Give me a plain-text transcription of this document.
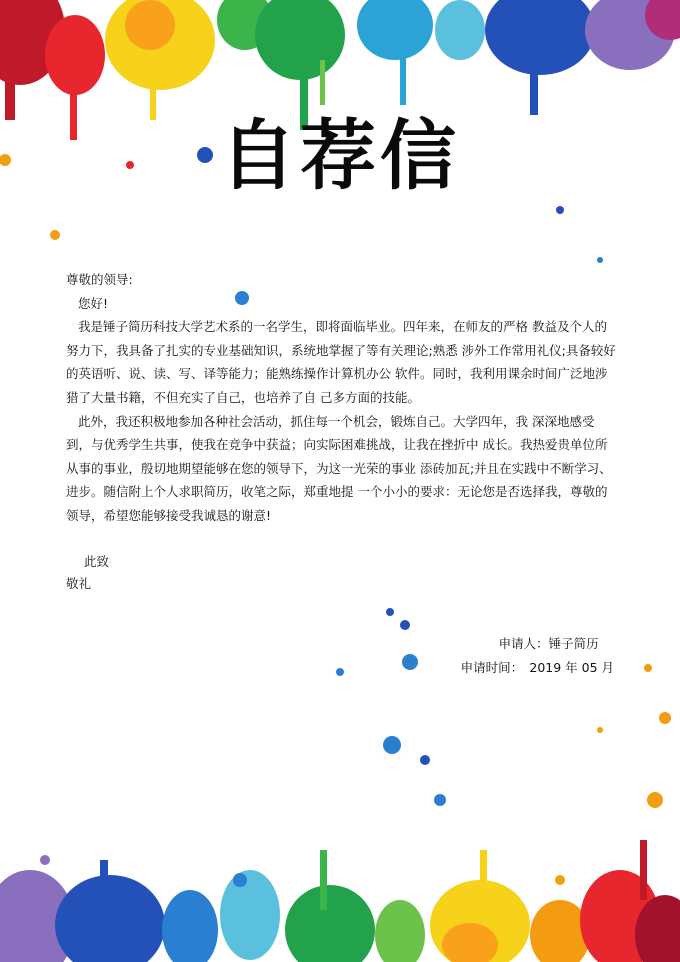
自荐信

尊敬的领导:

您好!

我是锤子简历科技大学艺术系的一名学生，即将面临毕业。四年来，在师友的严格 教益及个人的努力下，我具备了扎实的专业基础知识，系统地掌握了等有关理论;熟悉 涉外工作常用礼仪;具备较好的英语听、说、读、写、译等能力；能熟练操作计算机办公 软件。同时，我利用课余时间广泛地涉猎了大量书籍，不但充实了自己，也培养了自 己多方面的技能。

此外，我还积极地参加各种社会活动，抓住每一个机会，锻炼自己。大学四年，我 深深地感受到，与优秀学生共事，使我在竞争中获益；向实际困难挑战，让我在挫折中 成长。我热爱贵单位所从事的事业，殷切地期望能够在您的领导下，为这一光荣的事业 添砖加瓦;并且在实践中不断学习、进步。随信附上个人求职简历，收笔之际，郑重地提 一个小小的要求：无论您是否选择我，尊敬的领导，希望您能够接受我诚恳的谢意!

此致
敬礼
申请人：锤子简历
申请时间：　2019 年 05 月
